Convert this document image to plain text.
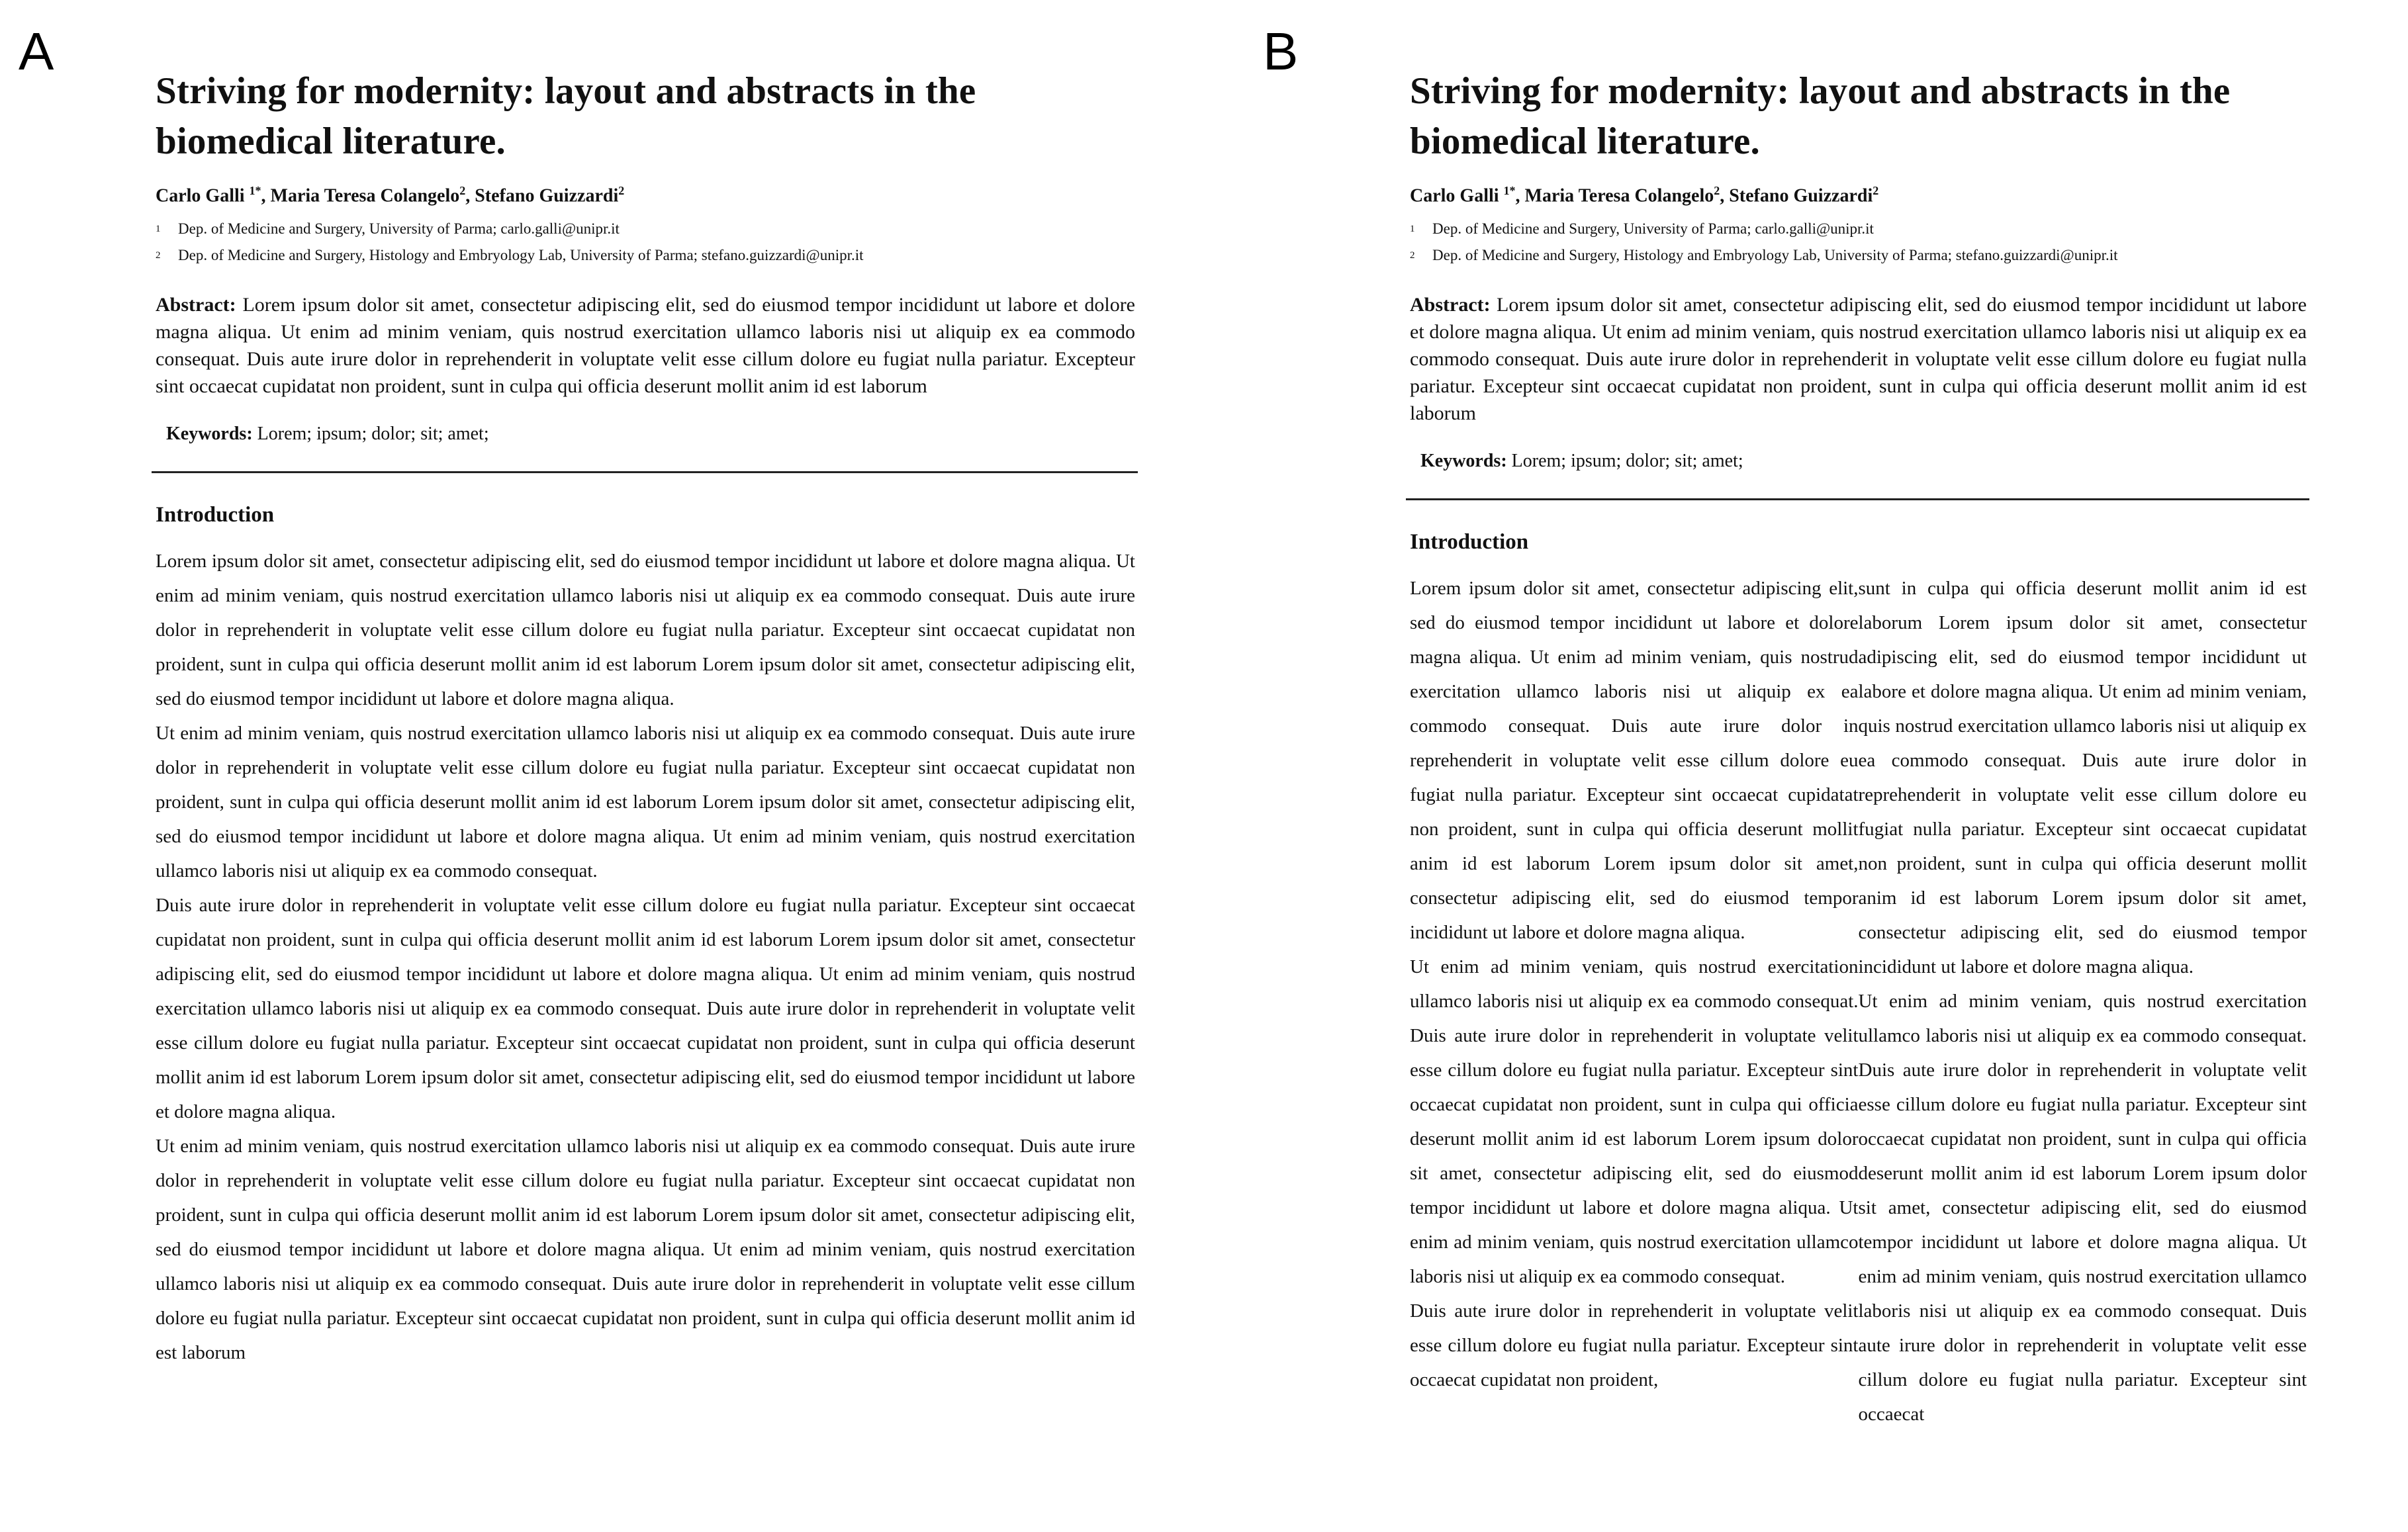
A
Striving for modernity: layout and abstracts in the biomedical literature.
Carlo Galli $^{1*}$, Maria Teresa Colangelo$^2$, Stefano Guizzardi$^2$
1 Dep. of Medicine and Surgery, University of Parma; carlo.galli@unipr.it
2 Dep. of Medicine and Surgery, Histology and Embryology Lab, University of Parma; stefano.guizzardi@unipr.it
Abstract: Lorem ipsum dolor sit amet, consectetur adipiscing elit, sed do eiusmod tempor incididunt ut labore et dolore magna aliqua. Ut enim ad minim veniam, quis nostrud exercitation ullamco laboris nisi ut aliquip ex ea commodo consequat. Duis aute irure dolor in reprehenderit in voluptate velit esse cillum dolore eu fugiat nulla pariatur. Excepteur sint occaecat cupidatat non proident, sunt in culpa qui officia deserunt mollit anim id est laborum
Keywords: Lorem; ipsum; dolor; sit; amet;
Introduction

Lorem ipsum dolor sit amet, consectetur adipiscing elit, sed do eiusmod tempor incididunt ut labore et dolore magna aliqua. Ut enim ad minim veniam, quis nostrud exercitation ullamco laboris nisi ut aliquip ex ea commodo consequat. Duis aute irure dolor in reprehenderit in voluptate velit esse cillum dolore eu fugiat nulla pariatur. Excepteur sint occaecat cupidatat non proident, sunt in culpa qui officia deserunt mollit anim id est laborum Lorem ipsum dolor sit amet, consectetur adipiscing elit, sed do eiusmod tempor incididunt ut labore et dolore magna aliqua.

Ut enim ad minim veniam, quis nostrud exercitation ullamco laboris nisi ut aliquip ex ea commodo consequat. Duis aute irure dolor in reprehenderit in voluptate velit esse cillum dolore eu fugiat nulla pariatur. Excepteur sint occaecat cupidatat non proident, sunt in culpa qui officia deserunt mollit anim id est laborum Lorem ipsum dolor sit amet, consectetur adipiscing elit, sed do eiusmod tempor incididunt ut labore et dolore magna aliqua. Ut enim ad minim veniam, quis nostrud exercitation ullamco laboris nisi ut aliquip ex ea commodo consequat.

Duis aute irure dolor in reprehenderit in voluptate velit esse cillum dolore eu fugiat nulla pariatur. Excepteur sint occaecat cupidatat non proident, sunt in culpa qui officia deserunt mollit anim id est laborum Lorem ipsum dolor sit amet, consectetur adipiscing elit, sed do eiusmod tempor incididunt ut labore et dolore magna aliqua. Ut enim ad minim veniam, quis nostrud exercitation ullamco laboris nisi ut aliquip ex ea commodo consequat. Duis aute irure dolor in reprehenderit in voluptate velit esse cillum dolore eu fugiat nulla pariatur. Excepteur sint occaecat cupidatat non proident, sunt in culpa qui officia deserunt mollit anim id est laborum Lorem ipsum dolor sit amet, consectetur adipiscing elit, sed do eiusmod tempor incididunt ut labore et dolore magna aliqua.

Ut enim ad minim veniam, quis nostrud exercitation ullamco laboris nisi ut aliquip ex ea commodo consequat. Duis aute irure dolor in reprehenderit in voluptate velit esse cillum dolore eu fugiat nulla pariatur. Excepteur sint occaecat cupidatat non proident, sunt in culpa qui officia deserunt mollit anim id est laborum Lorem ipsum dolor sit amet, consectetur adipiscing elit, sed do eiusmod tempor incididunt ut labore et dolore magna aliqua. Ut enim ad minim veniam, quis nostrud exercitation ullamco laboris nisi ut aliquip ex ea commodo consequat. Duis aute irure dolor in reprehenderit in voluptate velit esse cillum dolore eu fugiat nulla pariatur. Excepteur sint occaecat cupidatat non proident, sunt in culpa qui officia deserunt mollit anim id est laborum

B
Striving for modernity: layout and abstracts in the biomedical literature.
Carlo Galli $^{1*}$, Maria Teresa Colangelo$^2$, Stefano Guizzardi$^2$
1 Dep. of Medicine and Surgery, University of Parma; carlo.galli@unipr.it
2 Dep. of Medicine and Surgery, Histology and Embryology Lab, University of Parma; stefano.guizzardi@unipr.it
Abstract: Lorem ipsum dolor sit amet, consectetur adipiscing elit, sed do eiusmod tempor incididunt ut labore et dolore magna aliqua. Ut enim ad minim veniam, quis nostrud exercitation ullamco laboris nisi ut aliquip ex ea commodo consequat. Duis aute irure dolor in reprehenderit in voluptate velit esse cillum dolore eu fugiat nulla pariatur. Excepteur sint occaecat cupidatat non proident, sunt in culpa qui officia deserunt mollit anim id est laborum
Keywords: Lorem; ipsum; dolor; sit; amet;
Introduction

Lorem ipsum dolor sit amet, consectetur adipiscing elit, sed do eiusmod tempor incididunt ut labore et dolore magna aliqua. Ut enim ad minim veniam, quis nostrud exercitation ullamco laboris nisi ut aliquip ex ea commodo consequat. Duis aute irure dolor in reprehenderit in voluptate velit esse cillum dolore eu fugiat nulla pariatur. Excepteur sint occaecat cupidatat non proident, sunt in culpa qui officia deserunt mollit anim id est laborum Lorem ipsum dolor sit amet, consectetur adipiscing elit, sed do eiusmod tempor incididunt ut labore et dolore magna aliqua.

Ut enim ad minim veniam, quis nostrud exercitation ullamco laboris nisi ut aliquip ex ea commodo consequat. Duis aute irure dolor in reprehenderit in voluptate velit esse cillum dolore eu fugiat nulla pariatur. Excepteur sint occaecat cupidatat non proident, sunt in culpa qui officia deserunt mollit anim id est laborum Lorem ipsum dolor sit amet, consectetur adipiscing elit, sed do eiusmod tempor incididunt ut labore et dolore magna aliqua. Ut enim ad minim veniam, quis nostrud exercitation ullamco laboris nisi ut aliquip ex ea commodo consequat.

Duis aute irure dolor in reprehenderit in voluptate velit esse cillum dolore eu fugiat nulla pariatur. Excepteur sint occaecat cupidatat non proident,

sunt in culpa qui officia deserunt mollit anim id est laborum Lorem ipsum dolor sit amet, consectetur adipiscing elit, sed do eiusmod tempor incididunt ut labore et dolore magna aliqua. Ut enim ad minim veniam, quis nostrud exercitation ullamco laboris nisi ut aliquip ex ea commodo consequat. Duis aute irure dolor in reprehenderit in voluptate velit esse cillum dolore eu fugiat nulla pariatur. Excepteur sint occaecat cupidatat non proident, sunt in culpa qui officia deserunt mollit anim id est laborum Lorem ipsum dolor sit amet, consectetur adipiscing elit, sed do eiusmod tempor incididunt ut labore et dolore magna aliqua.

Ut enim ad minim veniam, quis nostrud exercitation ullamco laboris nisi ut aliquip ex ea commodo consequat. Duis aute irure dolor in reprehenderit in voluptate velit esse cillum dolore eu fugiat nulla pariatur. Excepteur sint occaecat cupidatat non proident, sunt in culpa qui officia deserunt mollit anim id est laborum Lorem ipsum dolor sit amet, consectetur adipiscing elit, sed do eiusmod tempor incididunt ut labore et dolore magna aliqua. Ut enim ad minim veniam, quis nostrud exercitation ullamco laboris nisi ut aliquip ex ea commodo consequat. Duis aute irure dolor in reprehenderit in voluptate velit esse cillum dolore eu fugiat nulla pariatur. Excepteur sint occaecat
